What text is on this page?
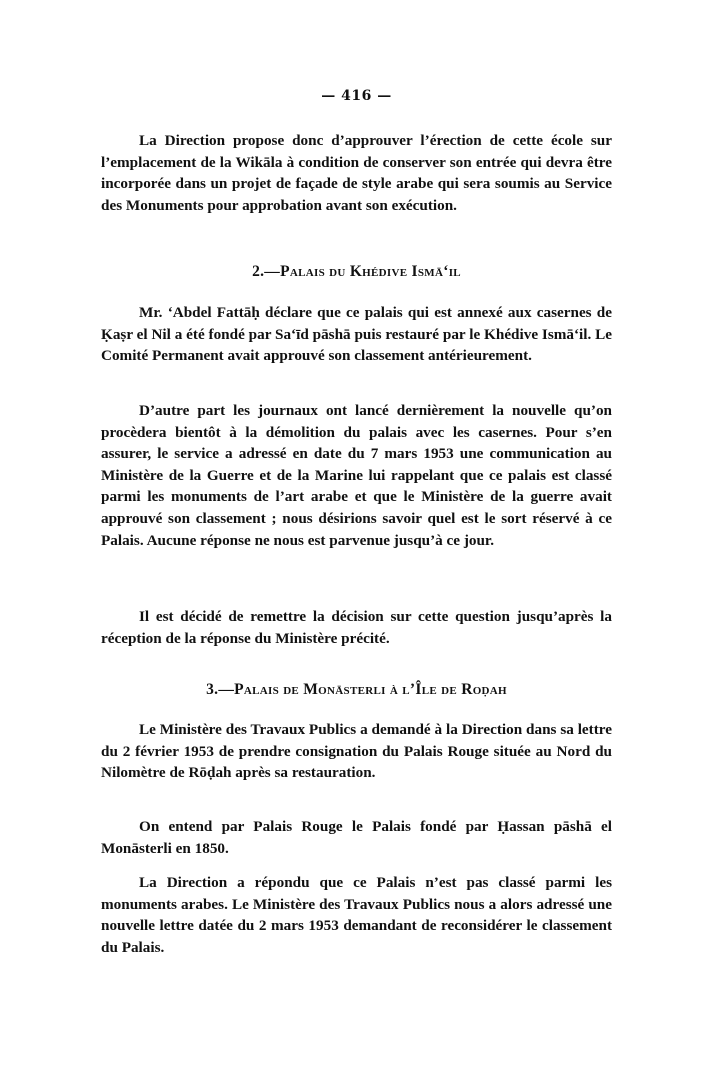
— 416 —
La Direction propose donc d’approuver l’érection de cette école sur l’emplacement de la Wikāla à condition de conserver son entrée qui devra être incorporée dans un projet de façade de style arabe qui sera soumis au Service des Monuments pour approbation avant son exécution.
2.—Palais du Khédive Ismā‘il
Mr. ‘Abdel Fattāḥ déclare que ce palais qui est annexé aux casernes de Ḳaṣr el Nil a été fondé par Sa‘īd pāshā puis restauré par le Khédive Ismā‘il. Le Comité Permanent avait approuvé son classement antérieurement.
D’autre part les journaux ont lancé dernièrement la nouvelle qu’on procèdera bientôt à la démolition du palais avec les casernes. Pour s’en assurer, le service a adressé en date du 7 mars 1953 une communication au Ministère de la Guerre et de la Marine lui rappelant que ce palais est classé parmi les monuments de l’art arabe et que le Ministère de la guerre avait approuvé son classement ; nous désirions savoir quel est le sort réservé à ce Palais. Aucune réponse ne nous est parvenue jusqu’à ce jour.
Il est décidé de remettre la décision sur cette question jusqu’après la réception de la réponse du Ministère précité.
3.—Palais de Monāsterli à l’Île de Roḍah
Le Ministère des Travaux Publics a demandé à la Direction dans sa lettre du 2 février 1953 de prendre consignation du Palais Rouge située au Nord du Nilomètre de Rōḍah après sa restauration.
On entend par Palais Rouge le Palais fondé par Ḥassan pāshā el Monāsterli en 1850.
La Direction a répondu que ce Palais n’est pas classé parmi les monuments arabes. Le Ministère des Travaux Publics nous a alors adressé une nouvelle lettre datée du 2 mars 1953 demandant de reconsidérer le classement du Palais.
